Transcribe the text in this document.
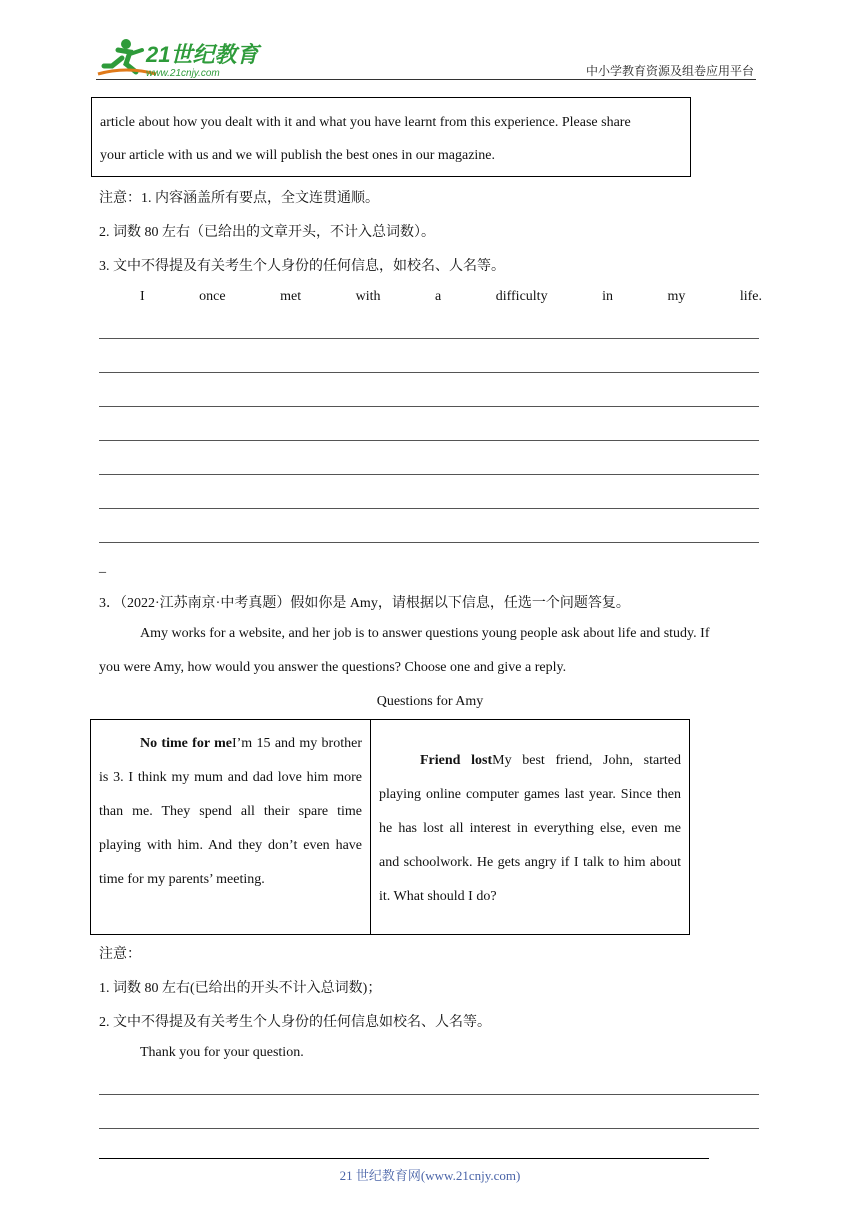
21世纪教育
www.21cnjy.com	中小学教育资源及组卷应用平台
article about how you dealt with it and what you have learnt from this experience. Please share
your article with us and we will publish the best ones in our magazine.
注意：1. 内容涵盖所有要点，全文连贯通顺。
2. 词数 80 左右（已给出的文章开头，不计入总词数）。
3. 文中不得提及有关考生个人身份的任何信息，如校名、人名等。
I	once	met	with	a	difficulty	in	my	life.
_
3．（2022·江苏南京·中考真题）假如你是 Amy，请根据以下信息，任选一个问题答复。
Amy works for a website, and her job is to answer questions young people ask about life and study. If
you were Amy, how would you answer the questions? Choose one and give a reply.
Questions for Amy
No time for meI’m 15 and my brother is 3. I think my mum and dad love him more than me. They spend all their spare time playing with him. And they don’t even have time for my parents’ meeting.
Friend lostMy best friend, John, started playing online computer games last year. Since then he has lost all interest in everything else, even me and schoolwork. He gets angry if I talk to him about it. What should I do?
注意：
1. 词数 80 左右(已给出的开头不计入总词数)；
2. 文中不得提及有关考生个人身份的任何信息如校名、人名等。
Thank you for your question.
21 世纪教育网(www.21cnjy.com)
